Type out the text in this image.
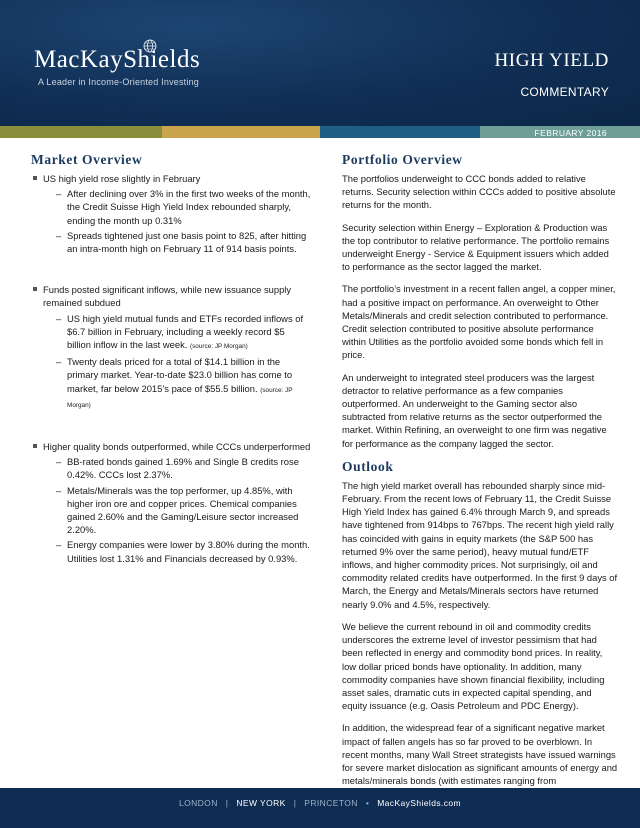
MacKayShields
A Leader in Income-Oriented Investing
HIGH YIELD
COMMENTARY
FEBRUARY 2016
Market Overview
US high yield rose slightly in February
– After declining over 3% in the first two weeks of the month, the Credit Suisse High Yield Index rebounded sharply, ending the month up 0.31%
– Spreads tightened just one basis point to 825, after hitting an intra-month high on February 11 of 914 basis points.
Funds posted significant inflows, while new issuance supply remained subdued
– US high yield mutual funds and ETFs recorded inflows of $6.7 billion in February, including a weekly record $5 billion inflow in the last week. (source: JP Morgan)
– Twenty deals priced for a total of $14.1 billion in the primary market. Year-to-date $23.0 billion has come to market, far below 2015’s pace of $55.5 billion. (source: JP Morgan)
Higher quality bonds outperformed, while CCCs underperformed
– BB-rated bonds gained 1.69% and Single B credits rose 0.42%. CCCs lost 2.37%.
– Metals/Minerals was the top performer, up 4.85%, with higher iron ore and copper prices. Chemical companies gained 2.60% and the Gaming/Leisure sector increased 2.20%.
– Energy companies were lower by 3.80% during the month. Utilities lost 1.31% and Financials decreased by 0.93%.
Portfolio Overview

The portfolios underweight to CCC bonds added to relative returns. Security selection within CCCs added to positive absolute returns for the month.

Security selection within Energy – Exploration & Production was the top contributor to relative performance. The portfolio remains underweight Energy - Service & Equipment issuers which added to performance as the sector lagged the market.

The portfolio’s investment in a recent fallen angel, a copper miner, had a positive impact on performance. An overweight to Other Metals/Minerals and credit selection contributed to performance. Credit selection contributed to positive absolute performance within Utilities as the portfolio avoided some bonds which fell in price.

An underweight to integrated steel producers was the largest detractor to relative performance as a few companies outperformed. An underweight to the Gaming sector also subtracted from relative returns as the sector outperformed the market. Within Refining, an overweight to one firm was negative for performance as the company lagged the sector.

Outlook

The high yield market overall has rebounded sharply since mid-February. From the recent lows of February 11, the Credit Suisse High Yield Index has gained 6.4% through March 9, and spreads have tightened from 914bps to 767bps. The recent high yield rally has coincided with gains in equity markets (the S&P 500 has returned 9% over the same period), heavy mutual fund/ETF inflows, and higher commodity prices. Not surprisingly, oil and commodity related credits have outperformed. In the first 9 days of March, the Energy and Metals/Minerals sectors have returned nearly 9.0% and 4.5%, respectively.

We believe the current rebound in oil and commodity credits underscores the extreme level of investor pessimism that had been reflected in energy and commodity bond prices. In reality, low dollar priced bonds have optionality. In addition, many commodity companies have shown financial flexibility, including asset sales, dramatic cuts in expected capital spending, and equity issuance (e.g. Oasis Petroleum and PDC Energy).

In addition, the widespread fear of a significant negative market impact of fallen angels has so far proved to be overblown. In recent months, many Wall Street strategists have issued warnings for severe market dislocation as significant amounts of energy and metals/minerals bonds (with estimates ranging from

LONDON | NEW YORK | PRINCETON • MacKayShields.com
